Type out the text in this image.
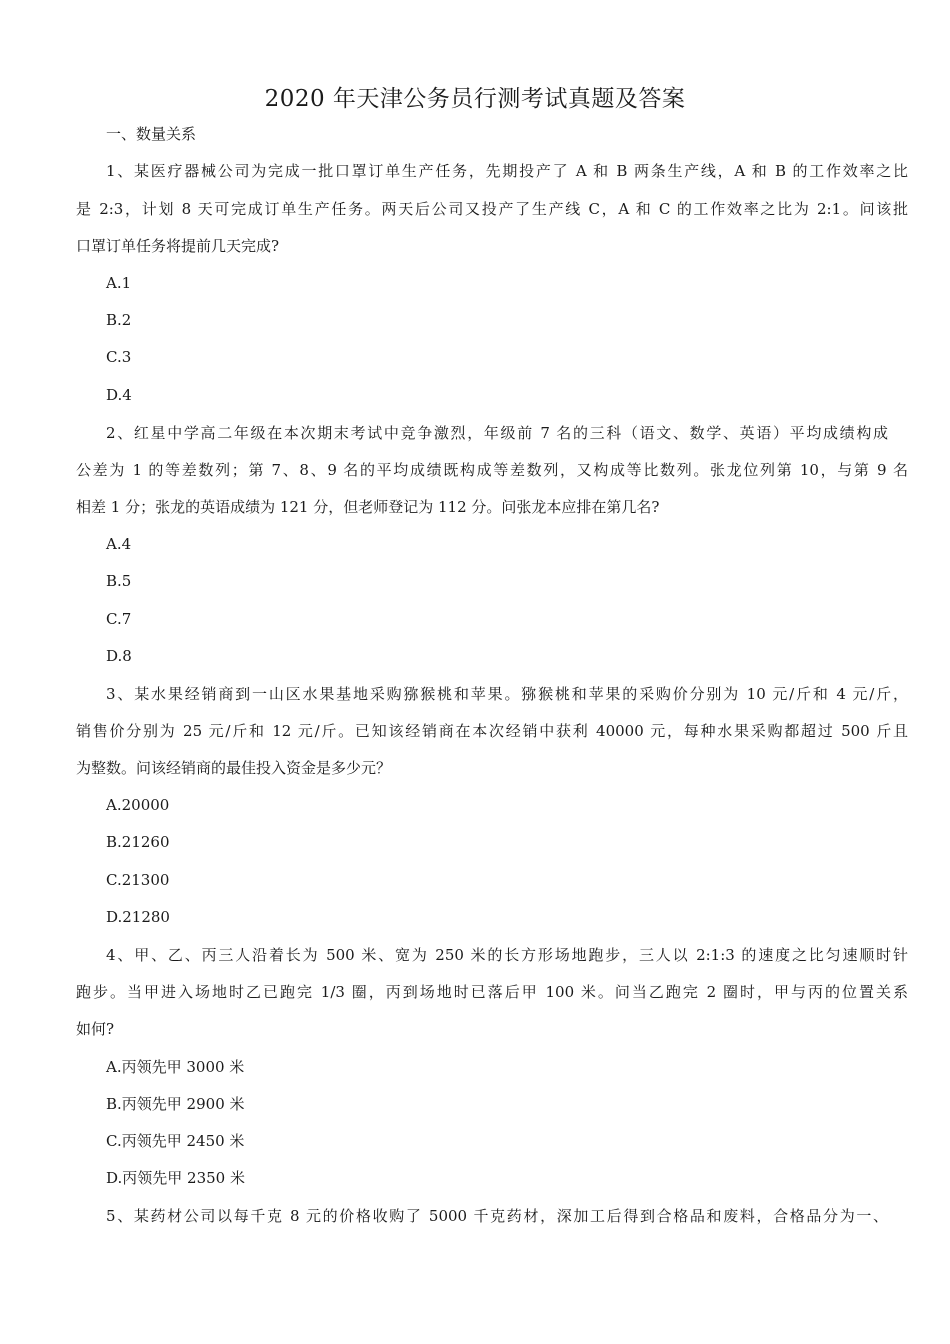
2020 年天津公务员行测考试真题及答案
一、数量关系
1、某医疗器械公司为完成一批口罩订单生产任务，先期投产了 A 和 B 两条生产线，A 和 B 的工作效率之比
是 2:3，计划 8 天可完成订单生产任务。两天后公司又投产了生产线 C，A 和 C 的工作效率之比为 2:1。问该批
口罩订单任务将提前几天完成?
A.1
B.2
C.3
D.4
2、红星中学高二年级在本次期末考试中竞争激烈，年级前 7 名的三科（语文、数学、英语）平均成绩构成
公差为 1 的等差数列；第 7、8、9 名的平均成绩既构成等差数列，又构成等比数列。张龙位列第 10，与第 9 名
相差 1 分；张龙的英语成绩为 121 分，但老师登记为 112 分。问张龙本应排在第几名?
A.4
B.5
C.7
D.8
3、某水果经销商到一山区水果基地采购猕猴桃和苹果。猕猴桃和苹果的采购价分别为 10 元/斤和 4 元/斤，
销售价分别为 25 元/斤和 12 元/斤。已知该经销商在本次经销中获利 40000 元，每种水果采购都超过 500 斤且
为整数。问该经销商的最佳投入资金是多少元？
A.20000
B.21260
C.21300
D.21280
4、甲、乙、丙三人沿着长为 500 米、宽为 250 米的长方形场地跑步，三人以 2:1:3 的速度之比匀速顺时针
跑步。当甲进入场地时乙已跑完 1/3 圈，丙到场地时已落后甲 100 米。问当乙跑完 2 圈时，甲与丙的位置关系
如何?
A.丙领先甲 3000 米
B.丙领先甲 2900 米
C.丙领先甲 2450 米
D.丙领先甲 2350 米
5、某药材公司以每千克 8 元的价格收购了 5000 千克药材，深加工后得到合格品和废料，合格品分为一、
